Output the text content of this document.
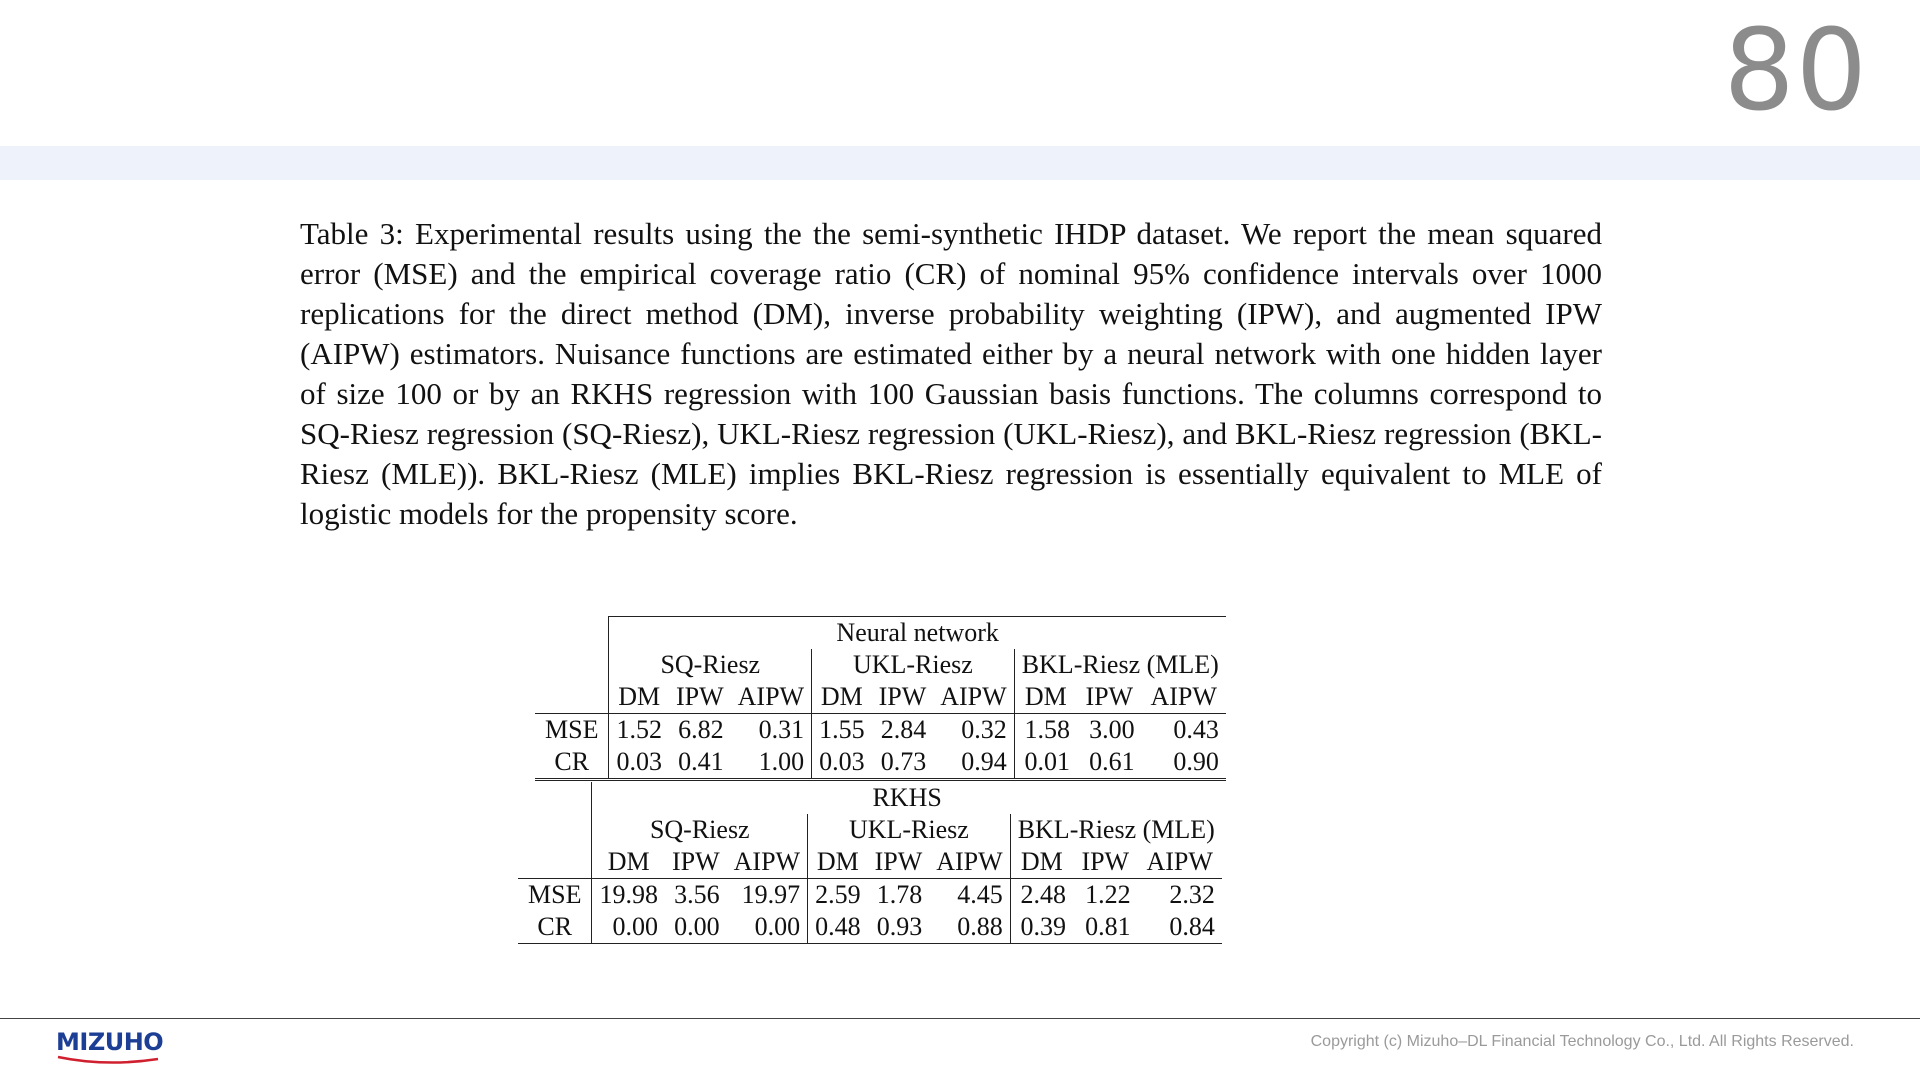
80
Table 3: Experimental results using the the semi-synthetic IHDP dataset. We report the mean squared error (MSE) and the empirical coverage ratio (CR) of nominal 95% confidence intervals over 1000 replications for the direct method (DM), inverse probability weighting (IPW), and augmented IPW (AIPW) estimators. Nuisance functions are estimated either by a neural network with one hidden layer of size 100 or by an RKHS regression with 100 Gaussian basis functions. The columns correspond to SQ-Riesz regression (SQ-Riesz), UKL-Riesz regression (UKL-Riesz), and BKL-Riesz regression (BKL-Riesz (MLE)). BKL-Riesz (MLE) implies BKL-Riesz regression is essentially equivalent to MLE of logistic models for the propensity score.
	Neural network								
	SQ-Riesz			UKL-Riesz			BKL-Riesz (MLE)		
	DM	IPW	AIPW	DM	IPW	AIPW	DM	IPW	AIPW
MSE	1.52	6.82	0.31	1.55	2.84	0.32	1.58	3.00	0.43
CR	0.03	0.41	1.00	0.03	0.73	0.94	0.01	0.61	0.90
	RKHS								
	SQ-Riesz			UKL-Riesz			BKL-Riesz (MLE)		
	DM	IPW	AIPW	DM	IPW	AIPW	DM	IPW	AIPW
MSE	19.98	3.56	19.97	2.59	1.78	4.45	2.48	1.22	2.32
CR	0.00	0.00	0.00	0.48	0.93	0.88	0.39	0.81	0.84
MIZUHO	Copyright (c) Mizuho–DL Financial Technology Co., Ltd. All Rights Reserved.
